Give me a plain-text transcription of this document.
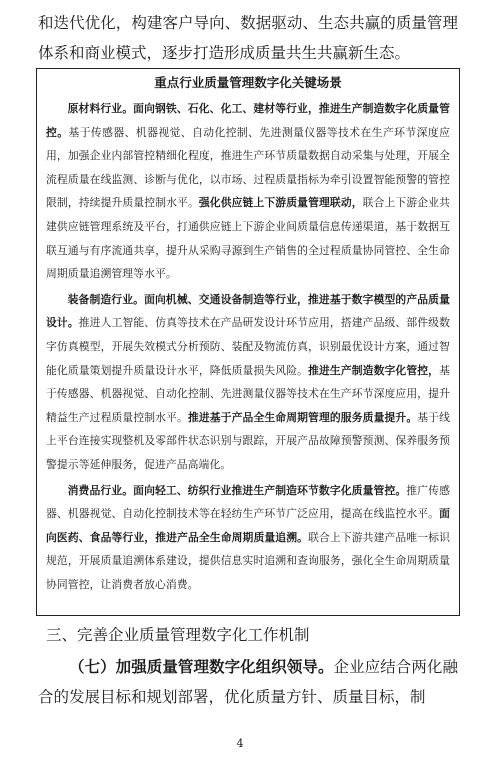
和迭代优化，构建客户导向、数据驱动、生态共赢的质量管理体系和商业模式，逐步打造形成质量共生共赢新生态。

重点行业质量管理数字化关键场景

原材料行业。面向钢铁、石化、化工、建材等行业，推进生产制造数字化质量管控。基于传感器、机器视觉、自动化控制、先进测量仪器等技术在生产环节深度应用，加强企业内部管控精细化程度，推进生产环节质量数据自动采集与处理，开展全流程质量在线监测、诊断与优化，以市场、过程质量指标为牵引设置智能预警的管控限制，持续提升质量控制水平。强化供应链上下游质量管理联动，联合上下游企业共建供应链管理系统及平台，打通供应链上下游企业间质量信息传递渠道，基于数据互联互通与有序流通共享，提升从采购寻源到生产销售的全过程质量协同管控、全生命周期质量追溯管理等水平。

装备制造行业。面向机械、交通设备制造等行业，推进基于数字模型的产品质量设计。推进人工智能、仿真等技术在产品研发设计环节应用，搭建产品级、部件级数字仿真模型，开展失效模式分析预防、装配及物流仿真，识别最优设计方案，通过智能化质量策划提升质量设计水平，降低质量损失风险。推进生产制造数字化管控，基于传感器、机器视觉、自动化控制、先进测量仪器等技术在生产环节深度应用，提升精益生产过程质量控制水平。推进基于产品全生命周期管理的服务质量提升。基于线上平台连接实现整机及零部件状态识别与跟踪，开展产品故障预警预测、保养服务预警提示等延伸服务，促进产品高端化。

消费品行业。面向轻工、纺织行业推进生产制造环节数字化质量管控。推广传感器、机器视觉、自动化控制技术等在轻纺生产环节广泛应用，提高在线监控水平。面向医药、食品等行业，推进产品全生命周期质量追溯。联合上下游共建产品唯一标识规范，开展质量追溯体系建设，提供信息实时追溯和查询服务，强化全生命周期质量协同管控，让消费者放心消费。

三、完善企业质量管理数字化工作机制

（七）加强质量管理数字化组织领导。企业应结合两化融合的发展目标和规划部署，优化质量方针、质量目标，制

4
